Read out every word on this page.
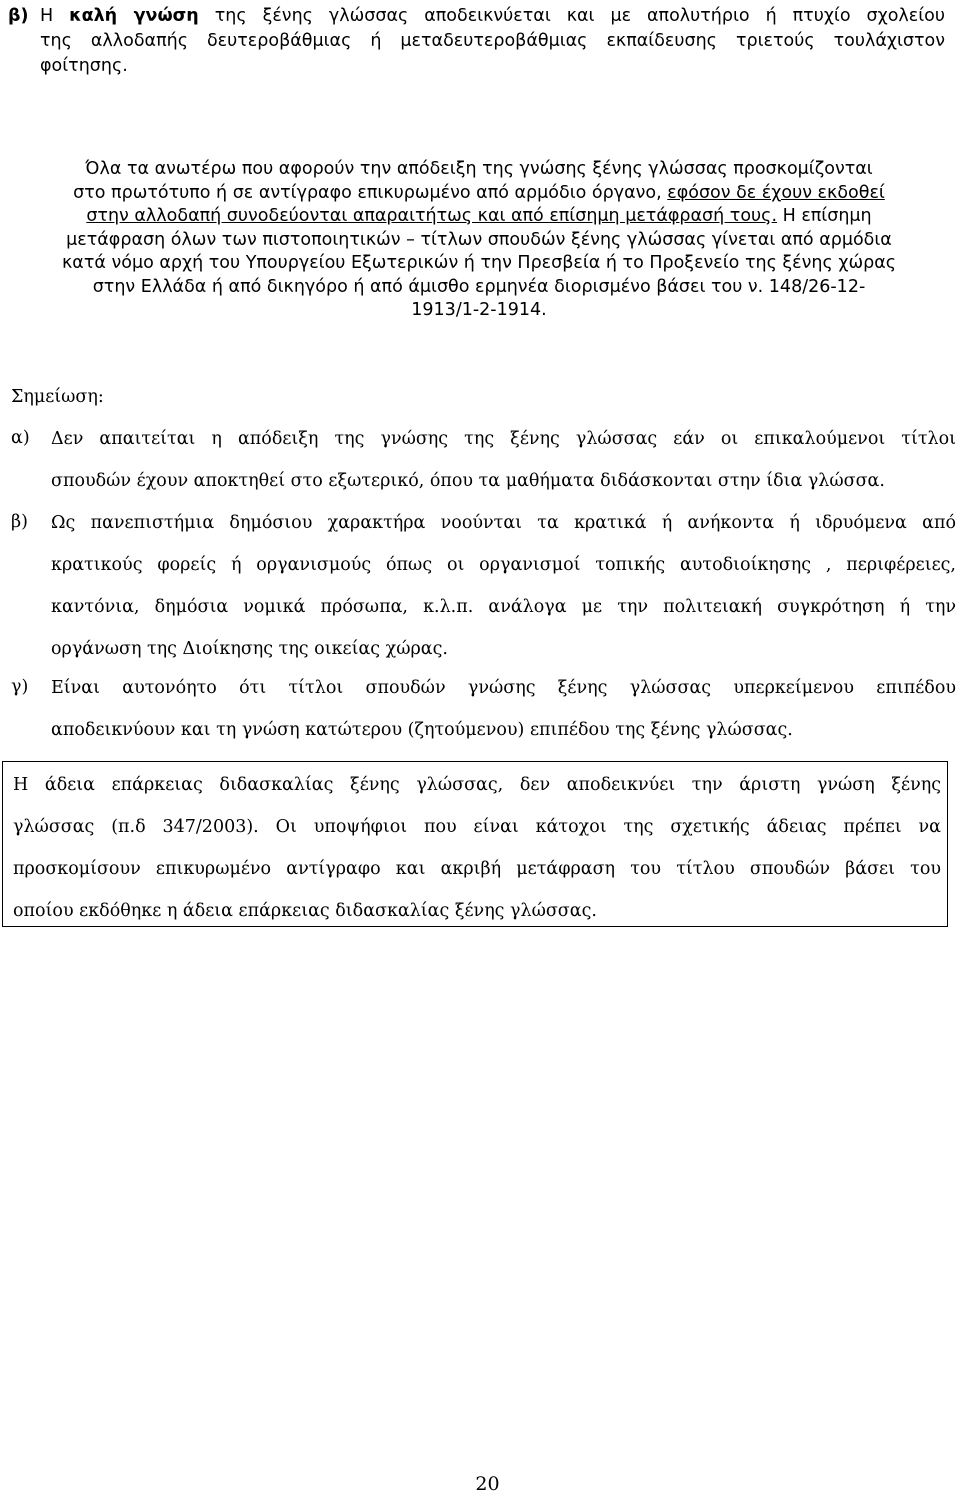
β) Η καλή γνώση της ξένης γλώσσας αποδεικνύεται και με απολυτήριο ή πτυχίο σχολείου
της αλλοδαπής δευτεροβάθμιας ή μεταδευτεροβάθμιας εκπαίδευσης τριετούς τουλάχιστον
φοίτησης.
Όλα τα ανωτέρω που αφορούν την απόδειξη της γνώσης ξένης γλώσσας προσκομίζονται
στο πρωτότυπο ή σε αντίγραφο επικυρωμένο από αρμόδιο όργανο, εφόσον δε έχουν εκδοθεί
στην αλλοδαπή συνοδεύονται απαραιτήτως και από επίσημη μετάφρασή τους. Η επίσημη
μετάφραση όλων των πιστοποιητικών – τίτλων σπουδών ξένης γλώσσας γίνεται από αρμόδια
κατά νόμο αρχή του Υπουργείου Εξωτερικών ή την Πρεσβεία ή το Προξενείο της ξένης χώρας
στην Ελλάδα ή από δικηγόρο ή από άμισθο ερμηνέα διορισμένο βάσει του ν. 148/26-12-
1913/1-2-1914.
Σημείωση:
α) Δεν απαιτείται η απόδειξη της γνώσης της ξένης γλώσσας εάν οι επικαλούμενοι τίτλοι
σπουδών έχουν αποκτηθεί στο εξωτερικό, όπου τα μαθήματα διδάσκονται στην ίδια γλώσσα.
β) Ως πανεπιστήμια δημόσιου χαρακτήρα νοούνται τα κρατικά ή ανήκοντα ή ιδρυόμενα από
κρατικούς φορείς ή οργανισμούς όπως οι οργανισμοί τοπικής αυτοδιοίκησης , περιφέρειες,
καντόνια, δημόσια νομικά πρόσωπα, κ.λ.π. ανάλογα με την πολιτειακή συγκρότηση ή την
οργάνωση της Διοίκησης της οικείας χώρας.
γ) Είναι αυτονόητο ότι τίτλοι σπουδών γνώσης ξένης γλώσσας υπερκείμενου επιπέδου
αποδεικνύουν και τη γνώση κατώτερου (ζητούμενου) επιπέδου της ξένης γλώσσας.
Η άδεια επάρκειας διδασκαλίας ξένης γλώσσας, δεν αποδεικνύει την άριστη γνώση ξένης
γλώσσας (π.δ 347/2003). Οι υποψήφιοι που είναι κάτοχοι της σχετικής άδειας πρέπει να
προσκομίσουν επικυρωμένο αντίγραφο και ακριβή μετάφραση του τίτλου σπουδών βάσει του
οποίου εκδόθηκε η άδεια επάρκειας διδασκαλίας ξένης γλώσσας.
20
